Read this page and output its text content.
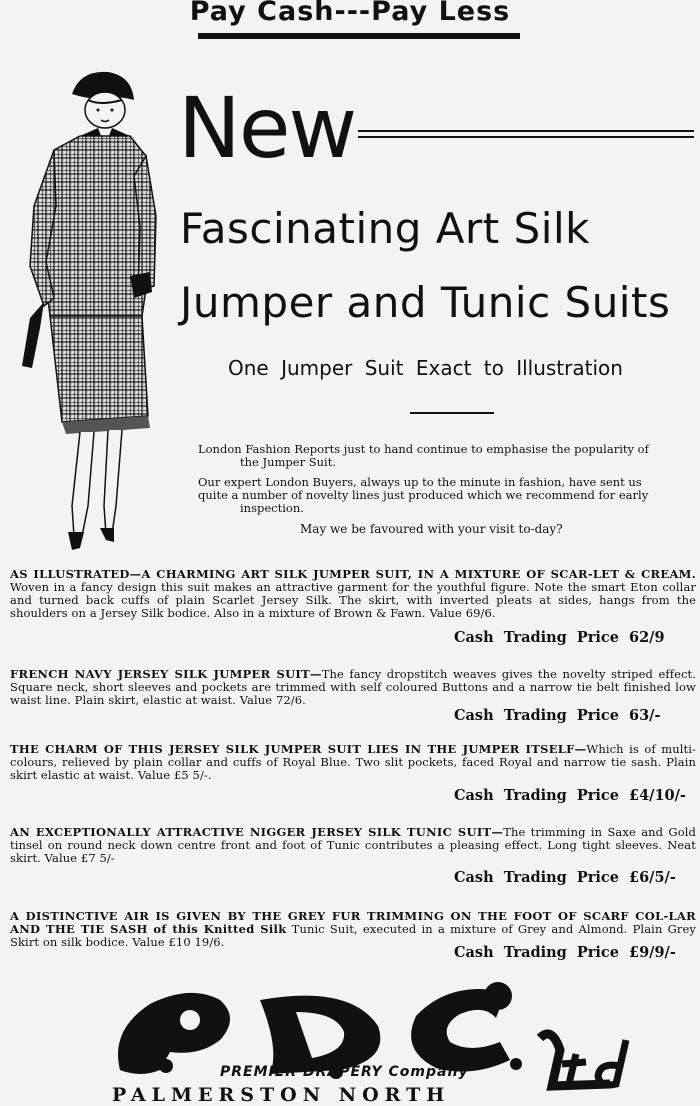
Pay Cash---Pay Less
New
Fascinating Art Silk
Jumper and Tunic Suits
One Jumper Suit Exact to Illustration
London Fashion Reports just to hand continue to emphasise the popularity of
the Jumper Suit.
Our expert London Buyers, always up to the minute in fashion, have sent us
quite a number of novelty lines just produced which we recommend for early
inspection.
May we be favoured with your visit to-day?
AS ILLUSTRATED—A CHARMING ART SILK JUMPER SUIT, IN A MIXTURE OF SCAR-LET & CREAM. Woven in a fancy design this suit makes an attractive garment for the youthful figure. Note the smart Eton collar and turned back cuffs of plain Scarlet Jersey Silk. The skirt, with inverted pleats at sides, hangs from the shoulders on a Jersey Silk bodice. Also in a mixture of Brown & Fawn. Value 69/6.
Cash Trading Price 62/9
FRENCH NAVY JERSEY SILK JUMPER SUIT—The fancy dropstitch weaves gives the novelty striped effect. Square neck, short sleeves and pockets are trimmed with self coloured Buttons and a narrow tie belt finished low waist line. Plain skirt, elastic at waist. Value 72/6.
Cash Trading Price 63/-
THE CHARM OF THIS JERSEY SILK JUMPER SUIT LIES IN THE JUMPER ITSELF—Which is of multi-colours, relieved by plain collar and cuffs of Royal Blue. Two slit pockets, faced Royal and narrow tie sash. Plain skirt elastic at waist. Value £5 5/-.
Cash Trading Price £4/10/-
AN EXCEPTIONALLY ATTRACTIVE NIGGER JERSEY SILK TUNIC SUIT—The trimming in Saxe and Gold tinsel on round neck down centre front and foot of Tunic contributes a pleasing effect. Long tight sleeves. Neat skirt. Value £7 5/-
Cash Trading Price £6/5/-
A DISTINCTIVE AIR IS GIVEN BY THE GREY FUR TRIMMING ON THE FOOT OF SCARF COL-LAR AND THE TIE SASH of this Knitted Silk Tunic Suit, executed in a mixture of Grey and Almond. Plain Grey Skirt on silk bodice. Value £10 19/6.
Cash Trading Price £9/9/-
PREMIER DRAPERY Company
PALMERSTON NORTH
